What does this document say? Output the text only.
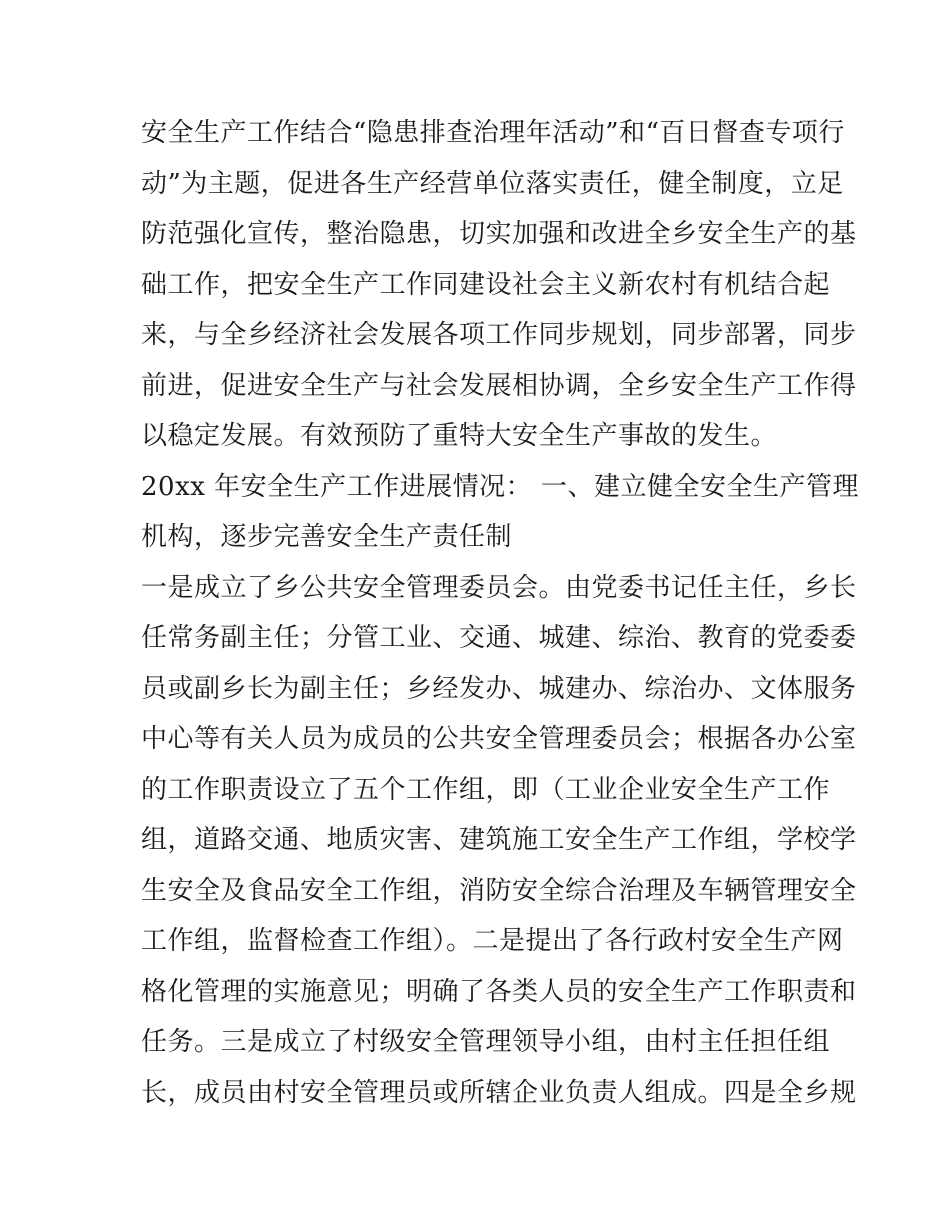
安全生产工作结合“隐患排查治理年活动”和“百日督查专项行
动”为主题，促进各生产经营单位落实责任，健全制度，立足
防范强化宣传，整治隐患，切实加强和改进全乡安全生产的基
础工作，把安全生产工作同建设社会主义新农村有机结合起
来，与全乡经济社会发展各项工作同步规划，同步部署，同步
前进，促进安全生产与社会发展相协调，全乡安全生产工作得
以稳定发展。有效预防了重特大安全生产事故的发生。
20xx 年安全生产工作进展情况： 一、建立健全安全生产管理
机构，逐步完善安全生产责任制
一是成立了乡公共安全管理委员会。由党委书记任主任，乡长
任常务副主任；分管工业、交通、城建、综治、教育的党委委
员或副乡长为副主任；乡经发办、城建办、综治办、文体服务
中心等有关人员为成员的公共安全管理委员会；根据各办公室
的工作职责设立了五个工作组，即（工业企业安全生产工作
组，道路交通、地质灾害、建筑施工安全生产工作组，学校学
生安全及食品安全工作组，消防安全综合治理及车辆管理安全
工作组，监督检查工作组）。二是提出了各行政村安全生产网
格化管理的实施意见；明确了各类人员的安全生产工作职责和
任务。三是成立了村级安全管理领导小组，由村主任担任组
长，成员由村安全管理员或所辖企业负责人组成。四是全乡规
